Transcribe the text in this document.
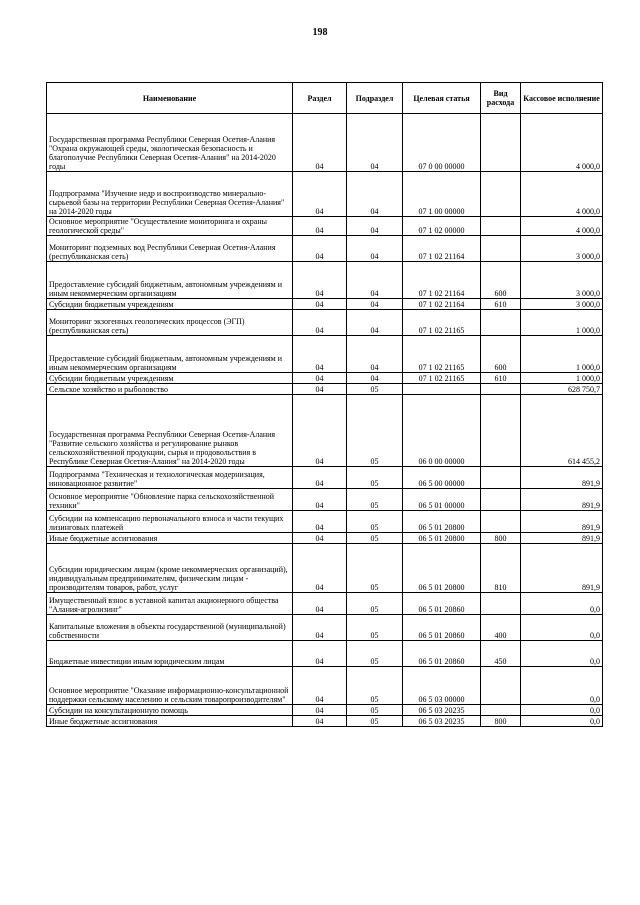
198
Наименование	Раздел	Подраздел	Целевая статья	Вид расхода	Кассовое исполнение
Государственная программа Республики Северная Осетия-Алания "Охрана окружающей среды, экологическая безопасность и благополучие Республики Северная Осетия-Алания" на 2014-2020 годы	04	04	07 0 00 00000		4 000,0
Подпрограмма "Изучение недр и воспроизводство минерально-сырьевой базы на территории Республики Северная Осетия-Алания" на 2014-2020 годы	04	04	07 1 00 00000		4 000,0
Основное мероприятие "Осуществление мониторинга и охраны геологической среды"	04	04	07 1 02 00000		4 000,0
Мониторинг подземных вод Республики Северная Осетия-Алания (республиканская сеть)	04	04	07 1 02 21164		3 000,0
Предоставление субсидий бюджетным, автономным учреждениям и иным некоммерческим организациям	04	04	07 1 02 21164	600	3 000,0
Субсидии бюджетным учреждениям	04	04	07 1 02 21164	610	3 000,0
Мониторинг экзогенных геологических процессов (ЭГП) (республиканская сеть)	04	04	07 1 02 21165		1 000,0
Предоставление субсидий бюджетным, автономным учреждениям и иным некоммерческим организациям	04	04	07 1 02 21165	600	1 000,0
Субсидии бюджетным учреждениям	04	04	07 1 02 21165	610	1 000,0
Сельское хозяйство и рыболовство	04	05			628 750,7
Государственная программа Республики Северная Осетия-Алания "Развитие сельского хозяйства и регулирование рынков сельскохозяйственной продукции, сырья и продовольствия в Республике Северная Осетия-Алания" на 2014-2020 годы	04	05	06 0 00 00000		614 455,2
Подпрограмма "Техническая и технологическая модернизация, инновационное развитие"	04	05	06 5 00 00000		891,9
Основное мероприятие "Обновление парка сельскохозяйственной техники"	04	05	06 5 01 00000		891,9
Субсидии на компенсацию первоначального взноса и части текущих лизинговых платежей	04	05	06 5 01 20800		891,9
Иные бюджетные ассигнования	04	05	06 5 01 20800	800	891,9
Субсидии юридическим лицам (кроме некоммерческих организаций), индивидуальным предпринимателям, физическим лицам - производителям товаров, работ, услуг	04	05	06 5 01 20800	810	891,9
Имущественный взнос в уставной капитал акционерного общества "Алания-агролизинг"	04	05	06 5 01 20860		0,0
Капитальные вложения в объекты государственной (муниципальной) собственности	04	05	06 5 01 20860	400	0,0
Бюджетные инвестиции иным юридическим лицам	04	05	06 5 01 20860	450	0,0
Основное мероприятие "Оказание информационно-консультационной поддержки сельскому населению и сельским товаропроизводителям"	04	05	06 5 03 00000		0,0
Субсидии на консультационную помощь	04	05	06 5 03 20235		0,0
Иные бюджетные ассигнования	04	05	06 5 03 20235	800	0,0
